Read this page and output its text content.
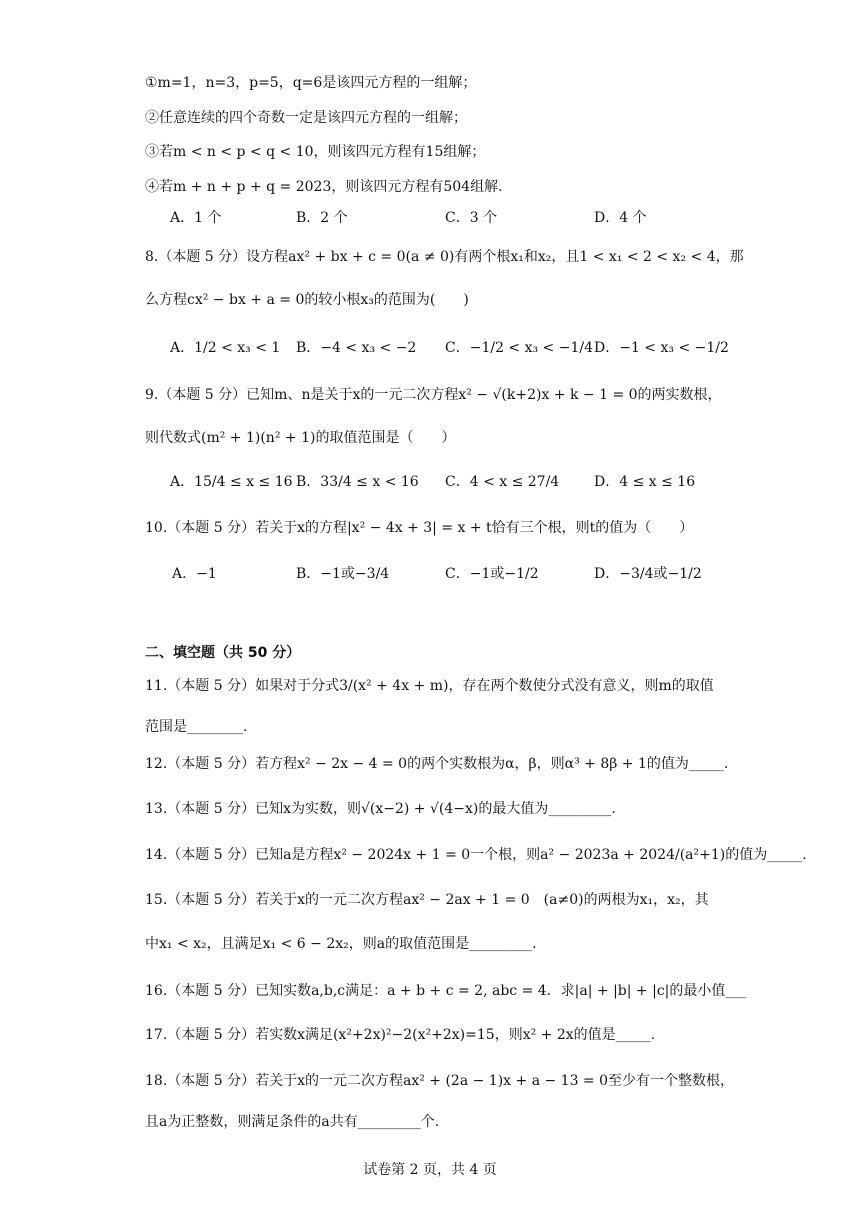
①m=1，n=3，p=5，q=6是该四元方程的一组解；
②任意连续的四个奇数一定是该四元方程的一组解；
③若m < n < p < q < 10，则该四元方程有15组解；
④若m + n + p + q = 2023，则该四元方程有504组解.
A．1 个	B．2 个	C．3 个	D．4 个
8.（本题 5 分）设方程ax² + bx + c = 0(a ≠ 0)有两个根x₁和x₂，且1 < x₁ < 2 < x₂ < 4，那
么方程cx² − bx + a = 0的较小根x₃的范围为(　　)
A．1/2 < x₃ < 1 B．−4 < x₃ < −2 C．−1/2 < x₃ < −1/4 D．−1 < x₃ < −1/2
9.（本题 5 分）已知m、n是关于x的一元二次方程x² − √(k+2)x + k − 1 = 0的两实数根，
则代数式(m² + 1)(n² + 1)的取值范围是（　　）
A．15/4 ≤ x ≤ 16 B．33/4 ≤ x < 16 C．4 < x ≤ 27/4 D．4 ≤ x ≤ 16
10.（本题 5 分）若关于x的方程|x² − 4x + 3| = x + t恰有三个根，则t的值为（　　）
A．−1	B．−1或−3/4	C．−1或−1/2	D．−3/4或−1/2
二、填空题（共 50 分）
11.（本题 5 分）如果对于分式3/(x² + 4x + m)，存在两个数使分式没有意义，则m的取值
范围是________.
12.（本题 5 分）若方程x² − 2x − 4 = 0的两个实数根为α，β，则α³ + 8β + 1的值为_____.
13.（本题 5 分）已知x为实数，则√(x−2) + √(4−x)的最大值为_________.
14.（本题 5 分）已知a是方程x² − 2024x + 1 = 0一个根，则a² − 2023a + 2024/(a²+1)的值为_____.
15.（本题 5 分）若关于x的一元二次方程ax² − 2ax + 1 = 0　(a≠0)的两根为x₁，x₂，其
中x₁ < x₂，且满足x₁ < 6 − 2x₂，则a的取值范围是_________.
16.（本题 5 分）已知实数a,b,c满足：a + b + c = 2, abc = 4．求|a| + |b| + |c|的最小值___
17.（本题 5 分）若实数x满足(x²+2x)²−2(x²+2x)=15，则x² + 2x的值是_____.
18.（本题 5 分）若关于x的一元二次方程ax² + (2a − 1)x + a − 13 = 0至少有一个整数根，
且a为正整数，则满足条件的a共有_________个.
试卷第 2 页，共 4 页
